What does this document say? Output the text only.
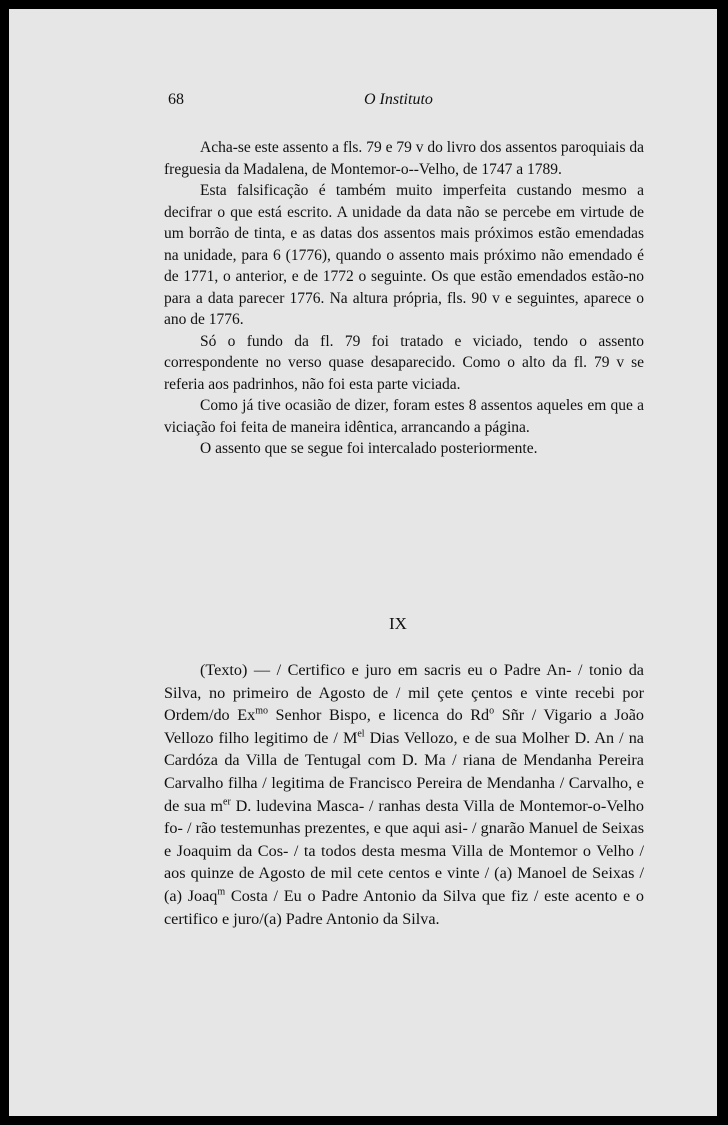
68	O Instituto

Acha-se este assento a fls. 79 e 79 v do livro dos assentos paroquiais da freguesia da Madalena, de Montemor-o--Velho, de 1747 a 1789.

Esta falsificação é também muito imperfeita custando mesmo a decifrar o que está escrito. A unidade da data não se percebe em virtude de um borrão de tinta, e as datas dos assentos mais próximos estão emendadas na unidade, para 6 (1776), quando o assento mais próximo não emendado é de 1771, o anterior, e de 1772 o seguinte. Os que estão emendados estão-no para a data parecer 1776. Na altura própria, fls. 90 v e seguintes, aparece o ano de 1776.

Só o fundo da fl. 79 foi tratado e viciado, tendo o assento correspondente no verso quase desaparecido. Como o alto da fl. 79 v se referia aos padrinhos, não foi esta parte viciada.

Como já tive ocasião de dizer, foram estes 8 assentos aqueles em que a viciação foi feita de maneira idêntica, arrancando a página.

O assento que se segue foi intercalado posteriormente.

IX

(Texto) — / Certifico e juro em sacris eu o Padre An- / tonio da Silva, no primeiro de Agosto de / mil çete çentos e vinte recebi por Ordem/do $Ex^{mo}$ Senhor Bispo, e licenca do Rd$^o$ Sñr / Vigario a João Vellozo filho legitimo de / $M^{el}$ Dias Vellozo, e de sua Molher D. An / na Cardóza da Villa de Tentugal com D. Ma / riana de Mendanha Pereira Carvalho filha / legitima de Francisco Pereira de Mendanha / Carvalho, e de sua $m^{er}$ D. ludevina Masca- / ranhas desta Villa de Montemor-o-Velho fo- / rão testemunhas prezentes, e que aqui asi- / gnarão Manuel de Seixas e Joaquim da Cos- / ta todos desta mesma Villa de Montemor o Velho / aos quinze de Agosto de mil cete centos e vinte / (a) Manoel de Seixas / (a) Joaq$^m$ Costa / Eu o Padre Antonio da Silva que fiz / este acento e o certifico e juro/(a) Padre Antonio da Silva.
